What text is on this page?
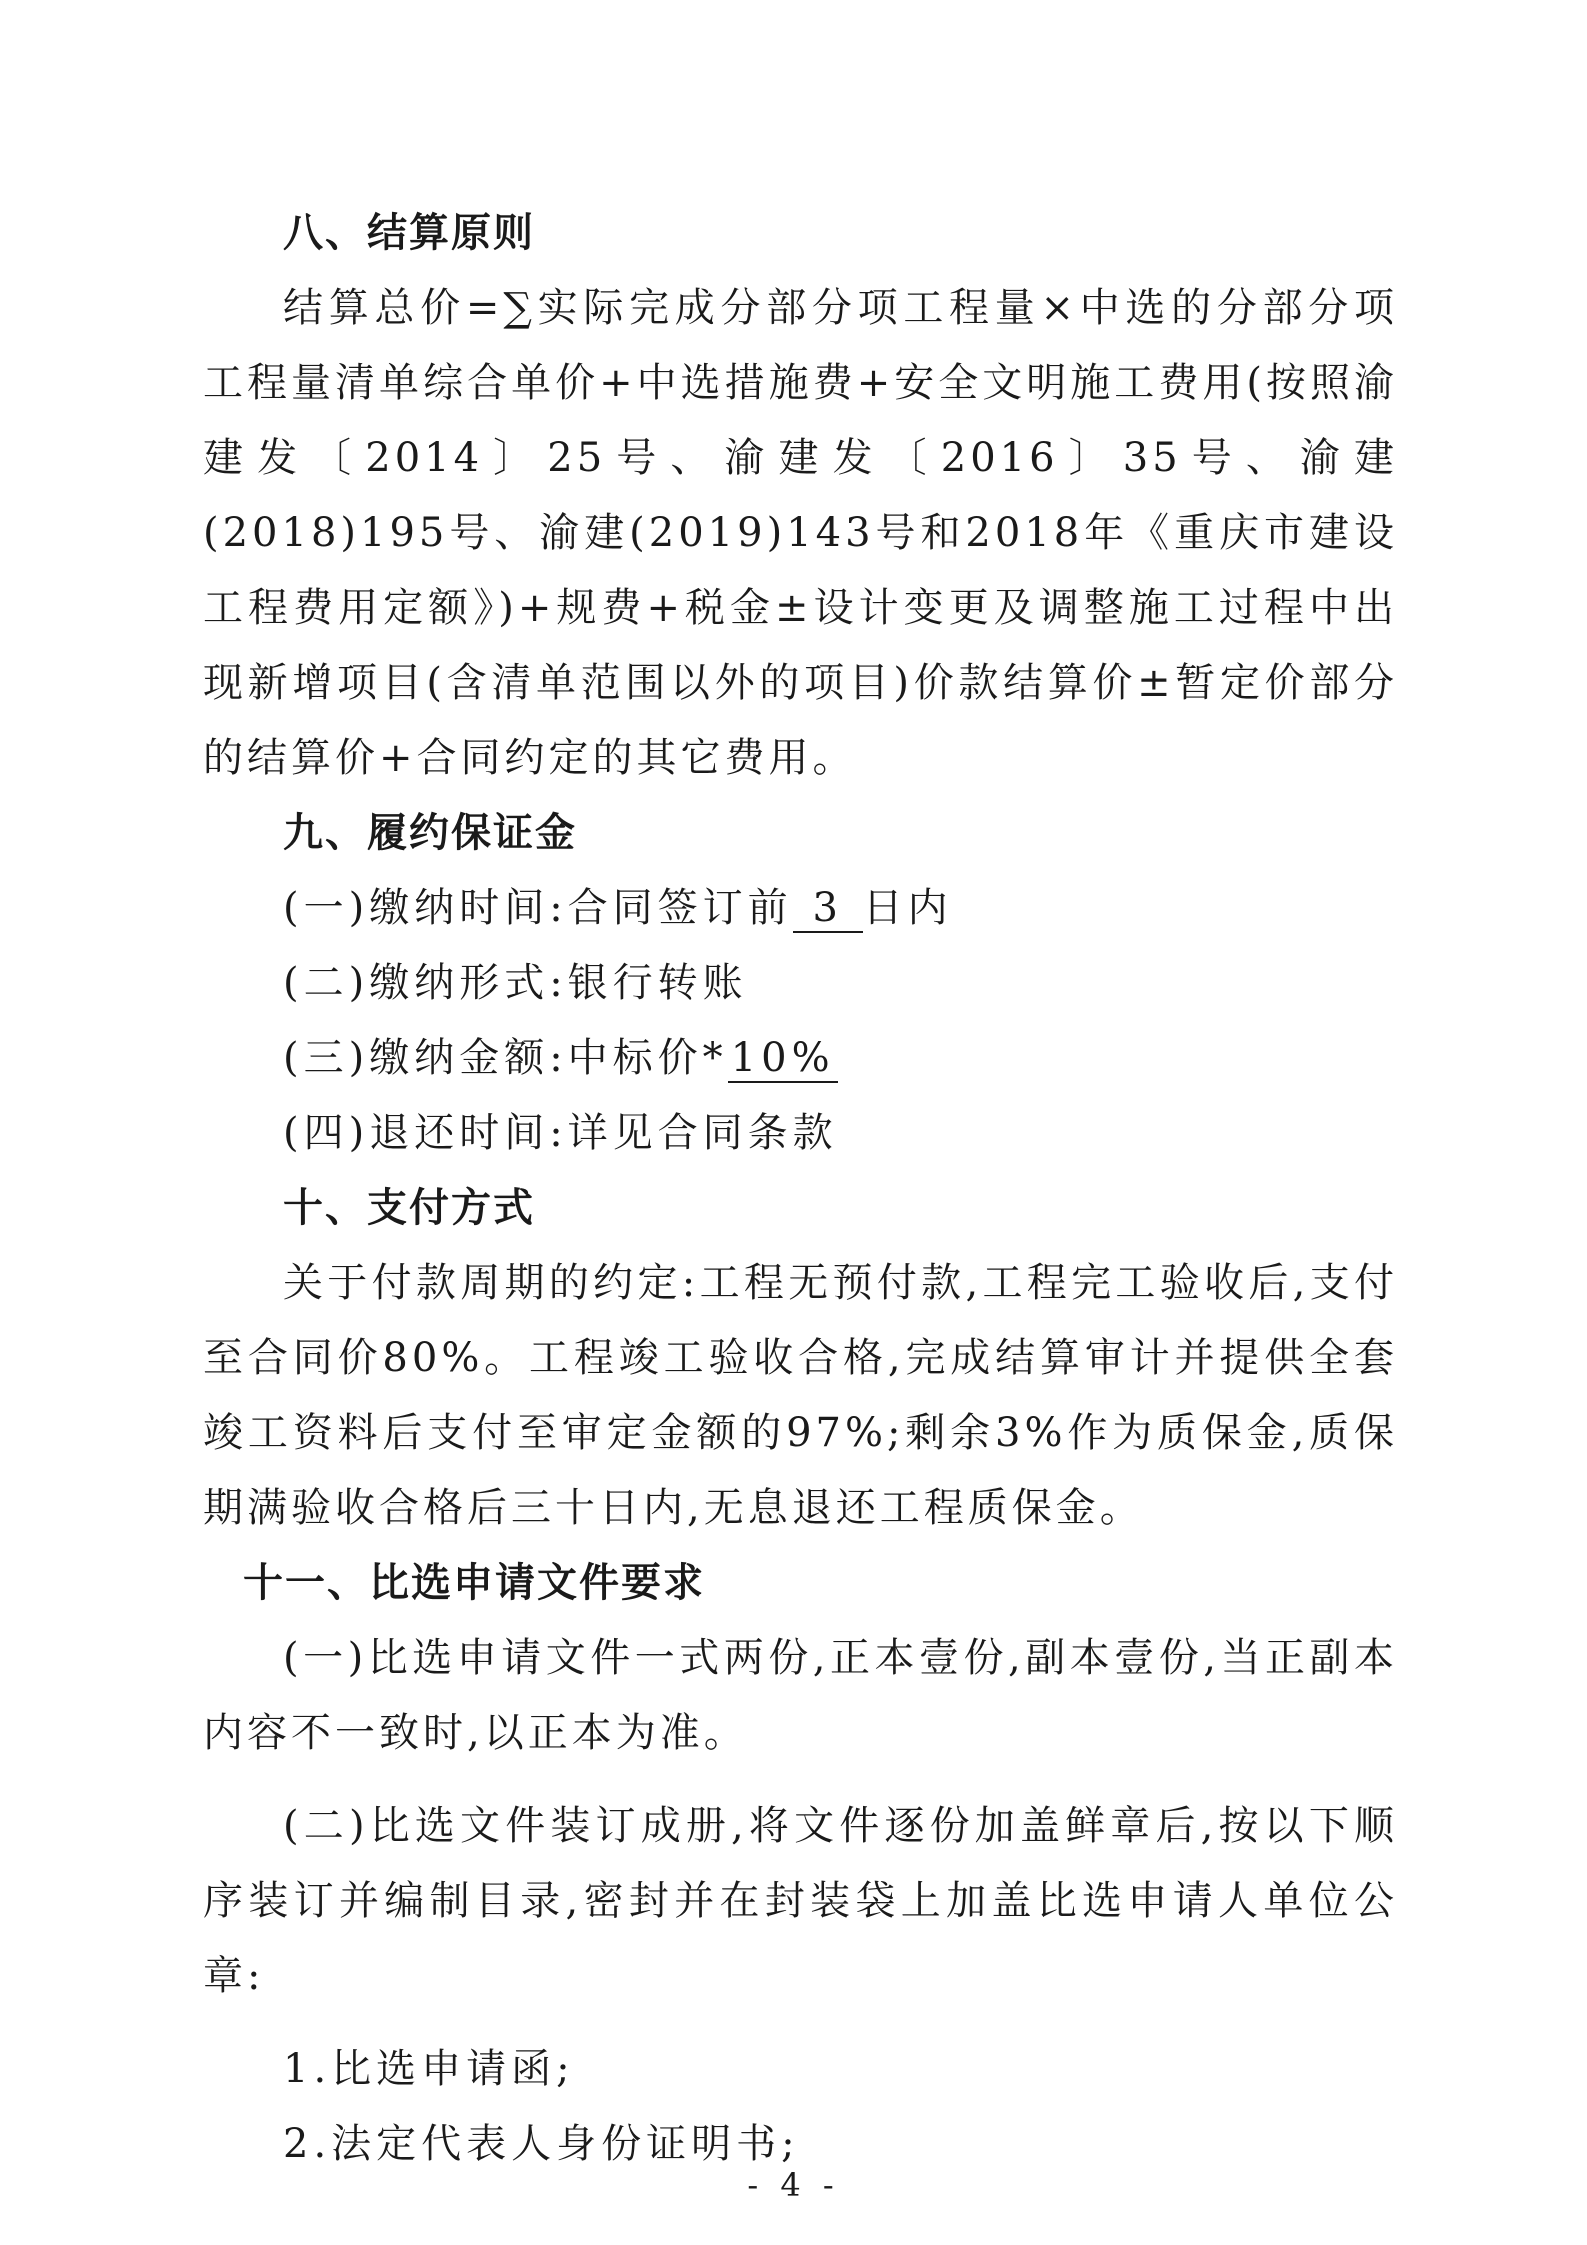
八、结算原则

结算总价=∑实际完成分部分项工程量×中选的分部分项工程量清单综合单价+中选措施费+安全文明施工费用(按照渝建发〔2014〕25号、渝建发〔2016〕35号、渝建(2018)195号、渝建(2019)143号和2018年《重庆市建设工程费用定额》)+规费+税金±设计变更及调整施工过程中出现新增项目(含清单范围以外的项目)价款结算价±暂定价部分的结算价+合同约定的其它费用。

九、履约保证金

(一)缴纳时间:合同签订前 3 日内

(二)缴纳形式:银行转账

(三)缴纳金额:中标价*10%

(四)退还时间:详见合同条款

十、支付方式

关于付款周期的约定:工程无预付款,工程完工验收后,支付至合同价80%。工程竣工验收合格,完成结算审计并提供全套竣工资料后支付至审定金额的97%;剩余3%作为质保金,质保期满验收合格后三十日内,无息退还工程质保金。

十一、比选申请文件要求

(一)比选申请文件一式两份,正本壹份,副本壹份,当正副本内容不一致时,以正本为准。

(二)比选文件装订成册,将文件逐份加盖鲜章后,按以下顺序装订并编制目录,密封并在封装袋上加盖比选申请人单位公章:

1.比选申请函;

2.法定代表人身份证明书;

- 4 -
